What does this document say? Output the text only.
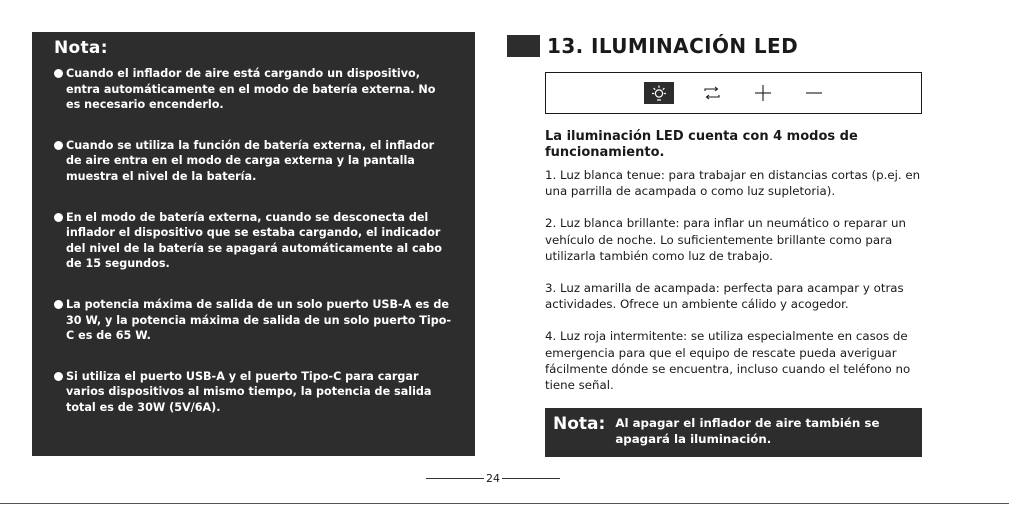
Nota:
Cuando el inflador de aire está cargando un dispositivo, entra automáticamente en el modo de batería externa. No es necesario encenderlo.
Cuando se utiliza la función de batería externa, el inflador de aire entra en el modo de carga externa y la pantalla muestra el nivel de la batería.
En el modo de batería externa, cuando se desconecta del inflador el dispositivo que se estaba cargando, el indicador del nivel de la batería se apagará automáticamente al cabo de 15 segundos.
La potencia máxima de salida de un solo puerto USB-A es de 30 W, y la potencia máxima de salida de un solo puerto Tipo-C es de 65 W.
Si utiliza el puerto USB-A y el puerto Tipo-C para cargar varios dispositivos al mismo tiempo, la potencia de salida total es de 30W (5V/6A).
13. ILUMINACIÓN LED

La iluminación LED cuenta con 4 modos de funcionamiento.

1. Luz blanca tenue: para trabajar en distancias cortas (p.ej. en una parrilla de acampada o como luz supletoria).

2. Luz blanca brillante: para inflar un neumático o reparar un vehículo de noche. Lo suficientemente brillante como para utilizarla también como luz de trabajo.

3. Luz amarilla de acampada: perfecta para acampar y otras actividades. Ofrece un ambiente cálido y acogedor.

4. Luz roja intermitente: se utiliza especialmente en casos de emergencia para que el equipo de rescate pueda averiguar fácilmente dónde se encuentra, incluso cuando el teléfono no tiene señal.

Nota: Al apagar el inflador de aire también se apagará la iluminación.
24
